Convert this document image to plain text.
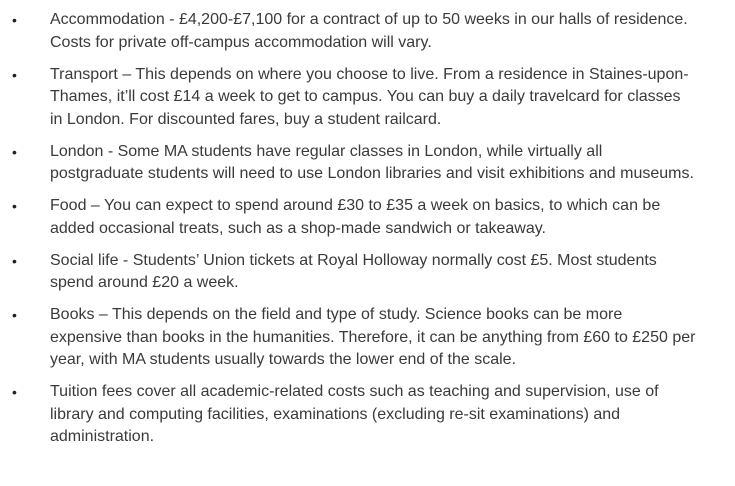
• Accommodation - £4,200-£7,100 for a contract of up to 50 weeks in our halls of residence. Costs for private off-campus accommodation will vary.
• Transport – This depends on where you choose to live. From a residence in Staines-upon-Thames, it’ll cost £14 a week to get to campus. You can buy a daily travelcard for classes in London. For discounted fares, buy a student railcard.
• London - Some MA students have regular classes in London, while virtually all postgraduate students will need to use London libraries and visit exhibitions and museums.
• Food – You can expect to spend around £30 to £35 a week on basics, to which can be added occasional treats, such as a shop-made sandwich or takeaway.
• Social life - Students’ Union tickets at Royal Holloway normally cost £5. Most students spend around £20 a week.
• Books – This depends on the field and type of study. Science books can be more expensive than books in the humanities. Therefore, it can be anything from £60 to £250 per year, with MA students usually towards the lower end of the scale.
• Tuition fees cover all academic-related costs such as teaching and supervision, use of library and computing facilities, examinations (excluding re-sit examinations) and administration.
